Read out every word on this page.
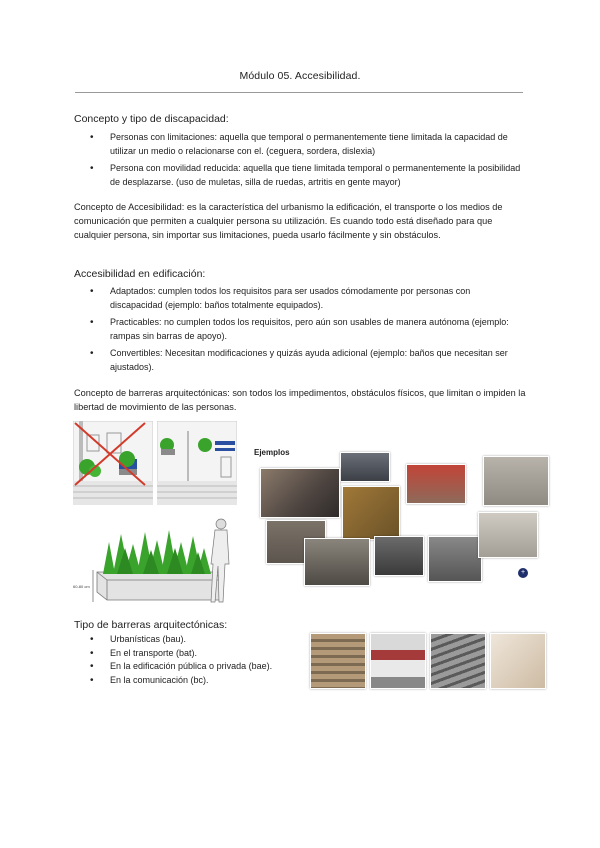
Módulo 05. Accesibilidad.
Concepto y tipo de discapacidad:
• Personas con limitaciones: aquella que temporal o permanentemente tiene limitada la capacidad de utilizar un medio o relacionarse con el. (ceguera, sordera, dislexia)
• Persona con movilidad reducida: aquella que tiene limitada temporal o permanentemente la posibilidad de desplazarse. (uso de muletas, silla de ruedas, artritis en gente mayor)
Concepto de Accesibilidad: es la característica del urbanismo la edificación, el transporte o los medios de comunicación que permiten a cualquier persona su utilización. Es cuando todo está diseñado para que cualquier persona, sin importar sus limitaciones, pueda usarlo fácilmente y sin obstáculos.
Accesibilidad en edificación:
• Adaptados: cumplen todos los requisitos para ser usados cómodamente por personas con discapacidad (ejemplo: baños totalmente equipados).
• Practicables: no cumplen todos los requisitos, pero aún son usables de manera autónoma (ejemplo: rampas sin barras de apoyo).
• Convertibles: Necesitan modificaciones y quizás ayuda adicional (ejemplo: baños que necesitan ser ajustados).
Concepto de barreras arquitectónicas: son todos los impedimentos, obstáculos físicos, que limitan o impiden la libertad de movimiento de las personas.
60-80 cm
Ejemplos
+
Tipo de barreras arquitectónicas:
• Urbanísticas (bau).
• En el transporte (bat).
• En la edificación pública o privada (bae).
• En la comunicación (bc).
